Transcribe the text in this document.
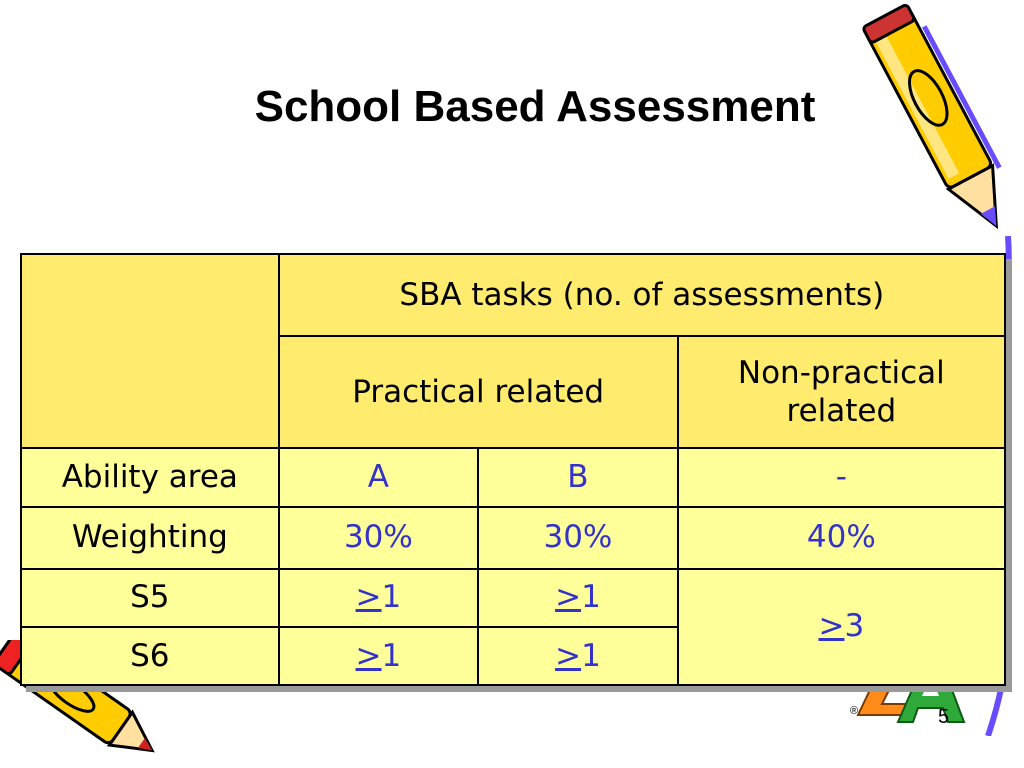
®
School Based Assessment
	SBA tasks (no. of assessments)		
	Practical related		Non-practical related
Ability area	A	B	-
Weighting	30%	30%	40%
S5	>1	>1	>3
S6	>1	>1	
5
